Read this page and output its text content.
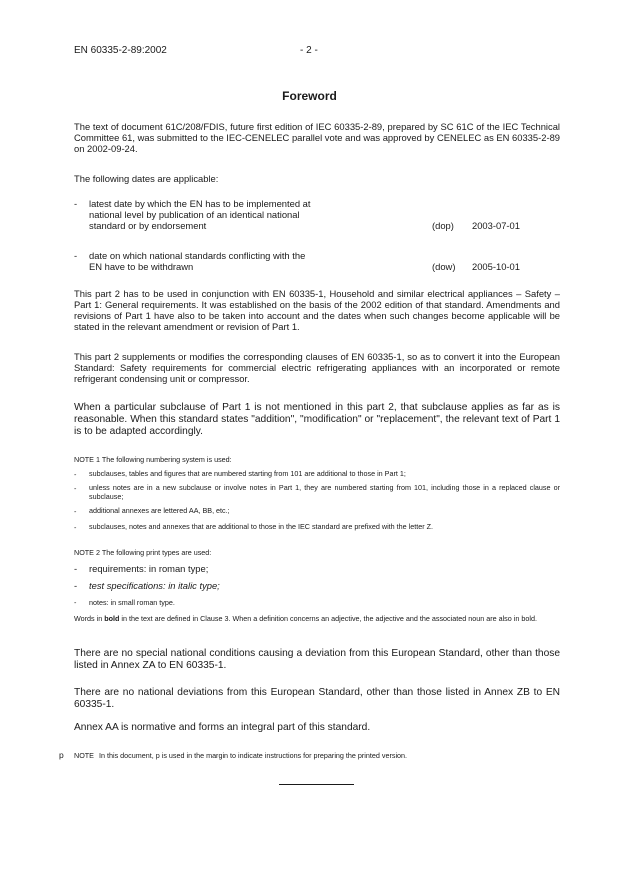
EN 60335-2-89:2002	- 2 -
Foreword
The text of document 61C/208/FDIS, future first edition of IEC 60335-2-89, prepared by SC 61C of the IEC Technical Committee 61, was submitted to the IEC-CENELEC parallel vote and was approved by CENELEC as EN 60335-2-89 on 2002-09-24.
The following dates are applicable:
- latest date by which the EN has to be implemented at national level by publication of an identical national standard or by endorsement	(dop) 2003-07-01
- date on which national standards conflicting with the EN have to be withdrawn	(dow) 2005-10-01
This part 2 has to be used in conjunction with EN 60335-1, Household and similar electrical appliances – Safety – Part 1: General requirements. It was established on the basis of the 2002 edition of that standard. Amendments and revisions of Part 1 have also to be taken into account and the dates when such changes become applicable will be stated in the relevant amendment or revision of Part 1.
This part 2 supplements or modifies the corresponding clauses of EN 60335-1, so as to convert it into the European Standard: Safety requirements for commercial electric refrigerating appliances with an incorporated or remote refrigerant condensing unit or compressor.
When a particular subclause of Part 1 is not mentioned in this part 2, that subclause applies as far as is reasonable. When this standard states "addition", "modification" or "replacement", the relevant text of Part 1 is to be adapted accordingly.
NOTE 1 The following numbering system is used:
- subclauses, tables and figures that are numbered starting from 101 are additional to those in Part 1;
- unless notes are in a new subclause or involve notes in Part 1, they are numbered starting from 101, including those in a replaced clause or subclause;
- additional annexes are lettered AA, BB, etc.;
- subclauses, notes and annexes that are additional to those in the IEC standard are prefixed with the letter Z.
NOTE 2 The following print types are used:
- requirements: in roman type;
- test specifications: in italic type;
- notes: in small roman type.
Words in bold in the text are defined in Clause 3. When a definition concerns an adjective, the adjective and the associated noun are also in bold.
There are no special national conditions causing a deviation from this European Standard, other than those listed in Annex ZA to EN 60335-1.
There are no national deviations from this European Standard, other than those listed in Annex ZB to EN 60335-1.
Annex AA is normative and forms an integral part of this standard.
p NOTE In this document, p is used in the margin to indicate instructions for preparing the printed version.
